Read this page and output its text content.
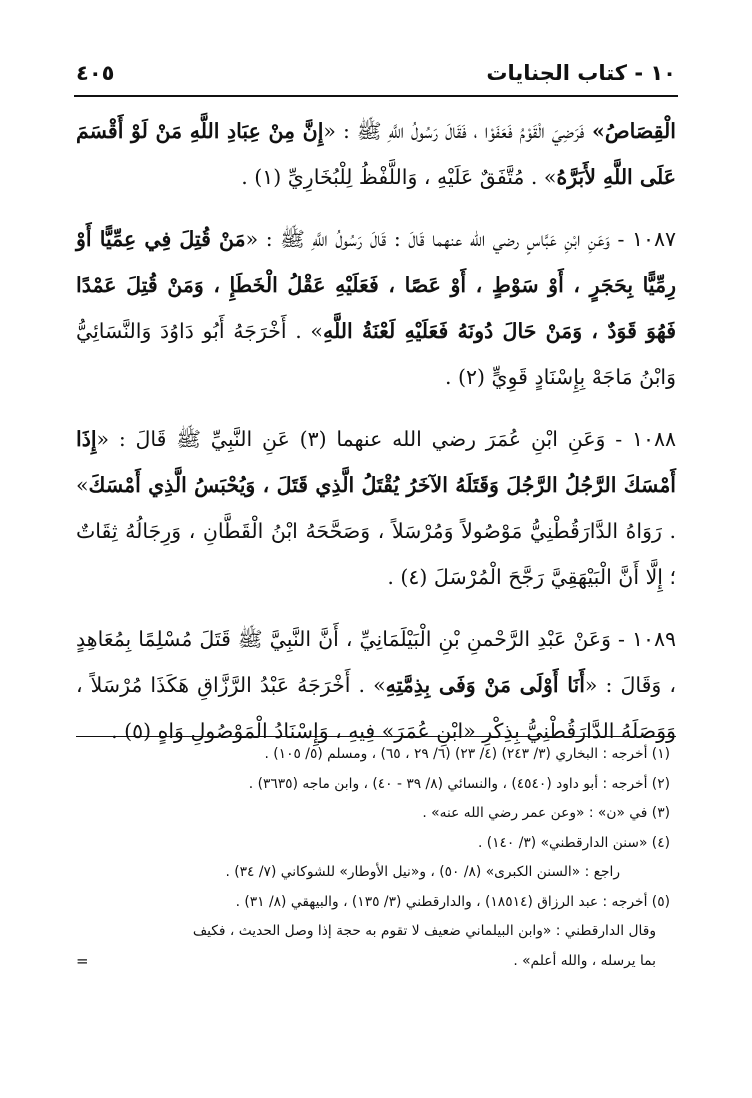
١٠ - كتاب الجنايات
٤٠٥

الْقِصَاصُ» فَرَضِيَ الْقَوْمُ فَعَفَوْا ، فَقَالَ رَسُولُ اللَّهِ ﷺ : «إِنَّ مِنْ عِبَادِ اللَّهِ مَنْ لَوْ أَقْسَمَ عَلَى اللَّهِ لأَبَرَّهُ» . مُتَّفَقٌ عَلَيْهِ ، وَاللَّفْظُ لِلْبُخَارِيِّ (١) .

١٠٨٧ - وَعَنِ ابْنِ عَبَّاسٍ رضي الله عنهما قَالَ : قَالَ رَسُولُ اللَّهِ ﷺ : «مَنْ قُتِلَ فِي عِمِّيًّا أَوْ رِمِّيًّا بِحَجَرٍ ، أَوْ سَوْطٍ ، أَوْ عَصًا ، فَعَلَيْهِ عَقْلُ الْخَطَإِ ، وَمَنْ قُتِلَ عَمْدًا فَهُوَ قَوَدٌ ، وَمَنْ حَالَ دُونَهُ فَعَلَيْهِ لَعْنَةُ اللَّهِ» . أَخْرَجَهُ أَبُو دَاوُدَ وَالنَّسَائِيُّ وَابْنُ مَاجَهْ بِإِسْنَادٍ قَوِيٍّ (٢) .

١٠٨٨ - وَعَنِ ابْنِ عُمَرَ رضي الله عنهما (٣) عَنِ النَّبِيِّ ﷺ قَالَ : «إِذَا أَمْسَكَ الرَّجُلُ الرَّجُلَ وَقَتَلَهُ الآخَرُ يُقْتَلُ الَّذِي قَتَلَ ، وَيُحْبَسُ الَّذِي أَمْسَكَ» . رَوَاهُ الدَّارَقُطْنِيُّ مَوْصُولاً وَمُرْسَلاً ، وَصَحَّحَهُ ابْنُ الْقَطَّانِ ، وَرِجَالُهُ ثِقَاتٌ ؛ إِلَّا أَنَّ الْبَيْهَقِيَّ رَجَّحَ الْمُرْسَلَ (٤) .

١٠٨٩ - وَعَنْ عَبْدِ الرَّحْمنِ بْنِ الْبَيْلَمَانِيِّ ، أَنَّ النَّبِيَّ ﷺ قَتَلَ مُسْلِمًا بِمُعَاهِدٍ ، وَقَالَ : «أَنَا أَوْلَى مَنْ وَفَى بِذِمَّتِهِ» . أَخْرَجَهُ عَبْدُ الرَّزَّاقِ هَكَذَا مُرْسَلاً ، وَوَصَلَهُ الدَّارَقُطْنِيُّ بِذِكْرِ «ابْنِ عُمَرَ» فِيهِ ، وَإِسْنَادُ الْمَوْصُولِ وَاهٍ (٥) .

(١) أخرجه : البخاري (٣/ ٢٤٣) (٤/ ٢٣) (٦/ ٢٩ ، ٦٥) ، ومسلم (٥/ ١٠٥) .
(٢) أخرجه : أبو داود (٤٥٤٠) ، والنسائي (٨/ ٣٩ - ٤٠) ، وابن ماجه (٣٦٣٥) .
(٣) في «ن» : «وعن عمر رضي الله عنه» .
(٤) «سنن الدارقطني» (٣/ ١٤٠) .
راجع : «السنن الكبرى» (٨/ ٥٠) ، و«نيل الأوطار» للشوكاني (٧/ ٣٤) .
(٥) أخرجه : عبد الرزاق (١٨٥١٤) ، والدارقطني (٣/ ١٣٥) ، والبيهقي (٨/ ٣١) .
وقال الدارقطني : «وابن البيلماني ضعيف لا تقوم به حجة إذا وصل الحديث ، فكيف
بما يرسله ، والله أعلم» .
=
